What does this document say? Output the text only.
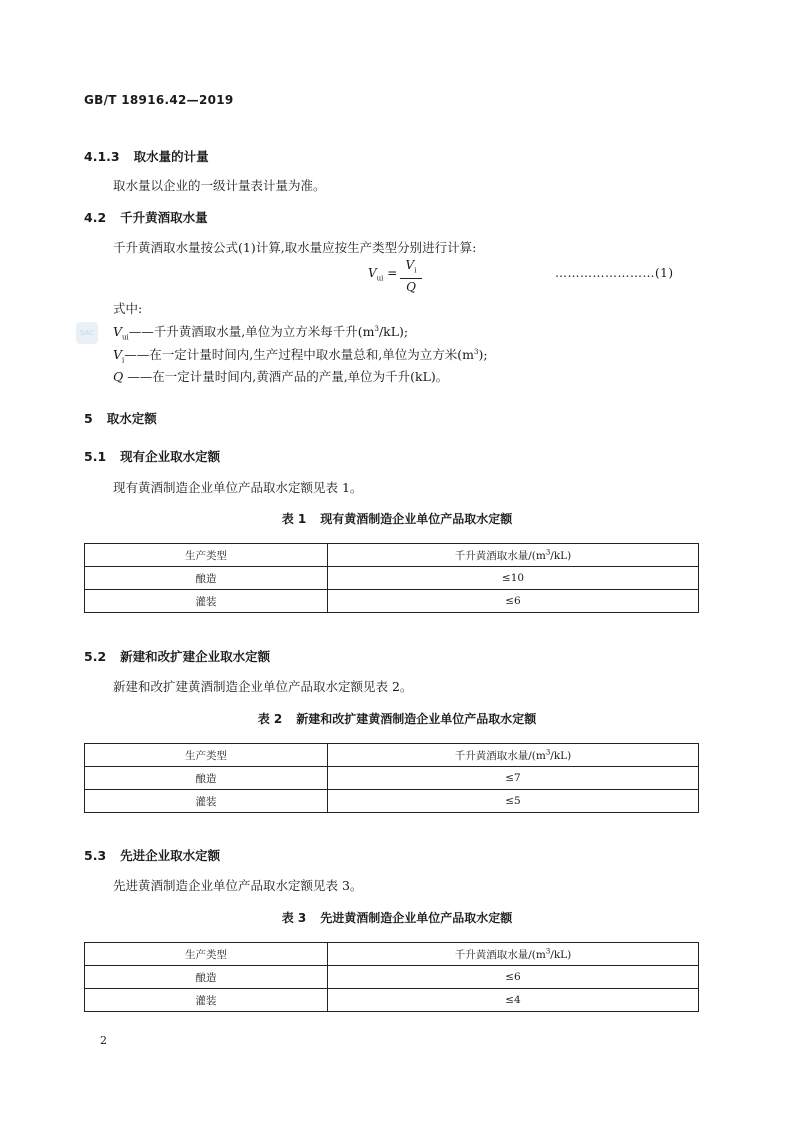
GB/T 18916.42—2019
4.1.3 取水量的计量
取水量以企业的一级计量表计量为准。
4.2 千升黄酒取水量
千升黄酒取水量按公式(1)计算,取水量应按生产类型分别进行计算:
$V_{ui}$ =
$V_i$
Q
……………………(1)
式中:
SAC	$V_{ui}——$千升黄酒取水量,单位为立方米每千升$(m^3/kL)$;
$V_i——$在一定计量时间内,生产过程中取水量总和,单位为立方米$(m^3)$;
Q ——在一定计量时间内,黄酒产品的产量,单位为千升(kL)。
5 取水定额
5.1 现有企业取水定额
现有黄酒制造企业单位产品取水定额见表 1。
表 1 现有黄酒制造企业单位产品取水定额
生产类型	千升黄酒取水量$/(m^3/kL)$
酿造	≤10
灌装	≤6
5.2 新建和改扩建企业取水定额
新建和改扩建黄酒制造企业单位产品取水定额见表 2。
表 2 新建和改扩建黄酒制造企业单位产品取水定额
生产类型	千升黄酒取水量$/(m^3/kL)$
酿造	≤7
灌装	≤5
5.3 先进企业取水定额
先进黄酒制造企业单位产品取水定额见表 3。
表 3 先进黄酒制造企业单位产品取水定额
生产类型	千升黄酒取水量$/(m^3/kL)$
酿造	≤6
灌装	≤4
2
